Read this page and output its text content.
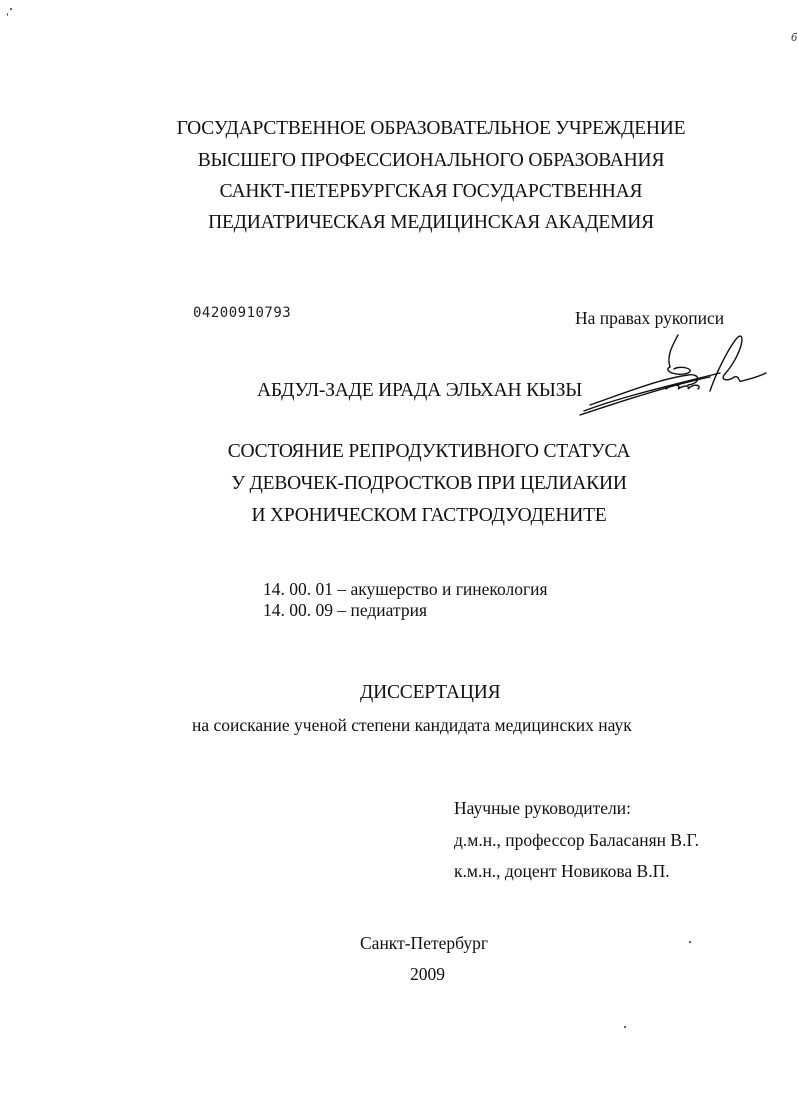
б
ГОСУДАРСТВЕННОЕ ОБРАЗОВАТЕЛЬНОЕ УЧРЕЖДЕНИЕ
ВЫСШЕГО ПРОФЕССИОНАЛЬНОГО ОБРАЗОВАНИЯ
САНКТ-ПЕТЕРБУРГСКАЯ ГОСУДАРСТВЕННАЯ
ПЕДИАТРИЧЕСКАЯ МЕДИЦИНСКАЯ АКАДЕМИЯ
04200910793	На правах рукописи
АБДУЛ-ЗАДЕ ИРАДА ЭЛЬХАН КЫЗЫ
СОСТОЯНИЕ РЕПРОДУКТИВНОГО СТАТУСА
У ДЕВОЧЕК-ПОДРОСТКОВ ПРИ ЦЕЛИАКИИ
И ХРОНИЧЕСКОМ ГАСТРОДУОДЕНИТЕ
14. 00. 01 – акушерство и гинекология
14. 00. 09 – педиатрия
ДИССЕРТАЦИЯ
на соискание ученой степени кандидата медицинских наук
Научные руководители:
д.м.н., профессор Баласанян В.Г.
к.м.н., доцент Новикова В.П.
Санкт-Петербург
2009
